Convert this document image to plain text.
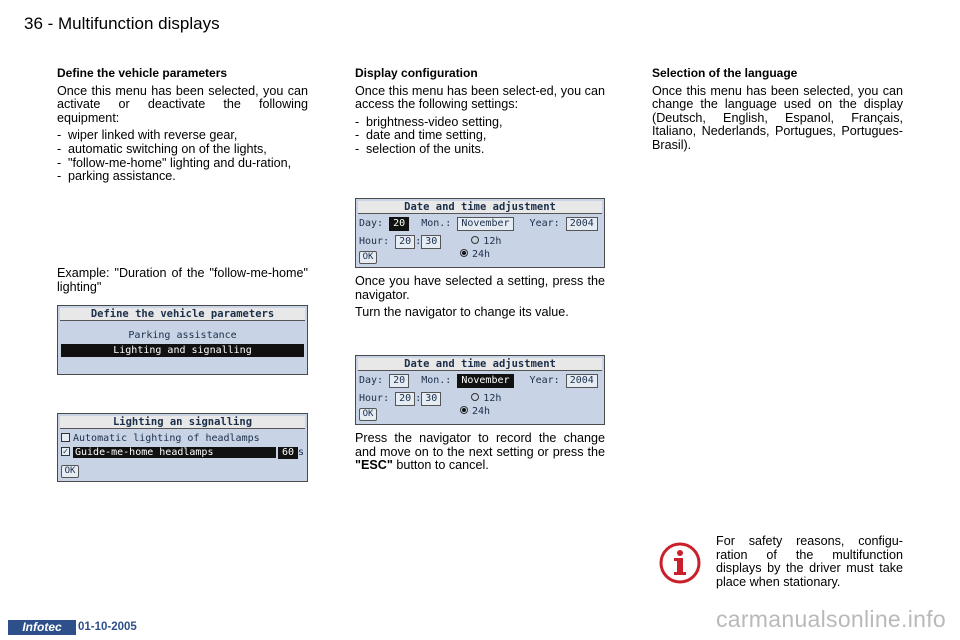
36 - Multifunction displays
Define the vehicle parameters

Once this menu has been selected, you can activate or deactivate the following equipment:

- wiper linked with reverse gear,
- automatic switching on of the lights,
- "follow-me-home" lighting and du-ration,
- parking assistance.
Example: "Duration of the "follow-me-home" lighting"
Define the vehicle parameters
Parking assistance
Lighting and signalling
Lighting an signalling
Automatic lighting of headlamps
✓ Guide-me-home headlamps	60 s
OK
Display configuration

Once this menu has been select-ed, you can access the following settings:

- brightness-video setting,
- date and time setting,
- selection of the units.
Date and time adjustment
Day: 20 Mon.: November Year: 2004
Hour: 20 : 30	12h
24h
OK

Once you have selected a setting, press the navigator.

Turn the navigator to change its value.

Date and time adjustment
Day: 20 Mon.: November Year: 2004
Hour: 20 : 30	12h
24h
OK

Press the navigator to record the change and move on to the next setting or press the "ESC" button to cancel.

Selection of the language

Once this menu has been selected, you can change the language used on the display (Deutsch, English, Espanol, Français, Italiano, Nederlands, Portugues, Portugues-Brasil).

For safety reasons, configu-ration of the multifunction displays by the driver must take place when stationary.
Infotec	01-10-2005	carmanualsonline.info
